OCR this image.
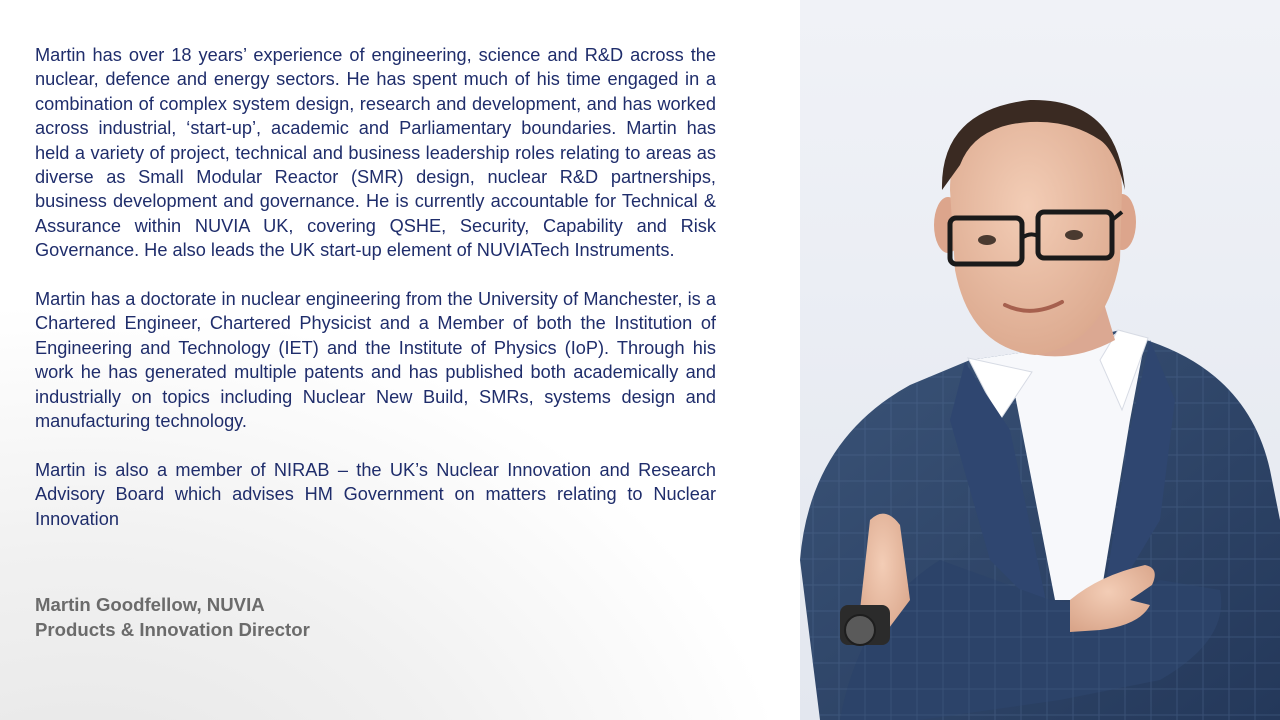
Martin has over 18 years’ experience of engineering, science and R&D across the nuclear, defence and energy sectors. He has spent much of his time engaged in a combination of complex system design, research and development, and has worked across industrial, ‘start-up’, academic and Parliamentary boundaries. Martin has held a variety of project, technical and business leadership roles relating to areas as diverse as Small Modular Reactor (SMR) design, nuclear R&D partnerships, business development and governance. He is currently accountable for Technical & Assurance within NUVIA UK, covering QSHE, Security, Capability and Risk Governance. He also leads the UK start-up element of NUVIATech Instruments.

Martin has a doctorate in nuclear engineering from the University of Manchester, is a Chartered Engineer, Chartered Physicist and a Member of both the Institution of Engineering and Technology (IET) and the Institute of Physics (IoP). Through his work he has generated multiple patents and has published both academically and industrially on topics including Nuclear New Build, SMRs, systems design and manufacturing technology.

Martin is also a member of NIRAB – the UK’s Nuclear Innovation and Research Advisory Board which advises HM Government on matters relating to Nuclear Innovation

Martin Goodfellow, NUVIA
Products & Innovation Director
